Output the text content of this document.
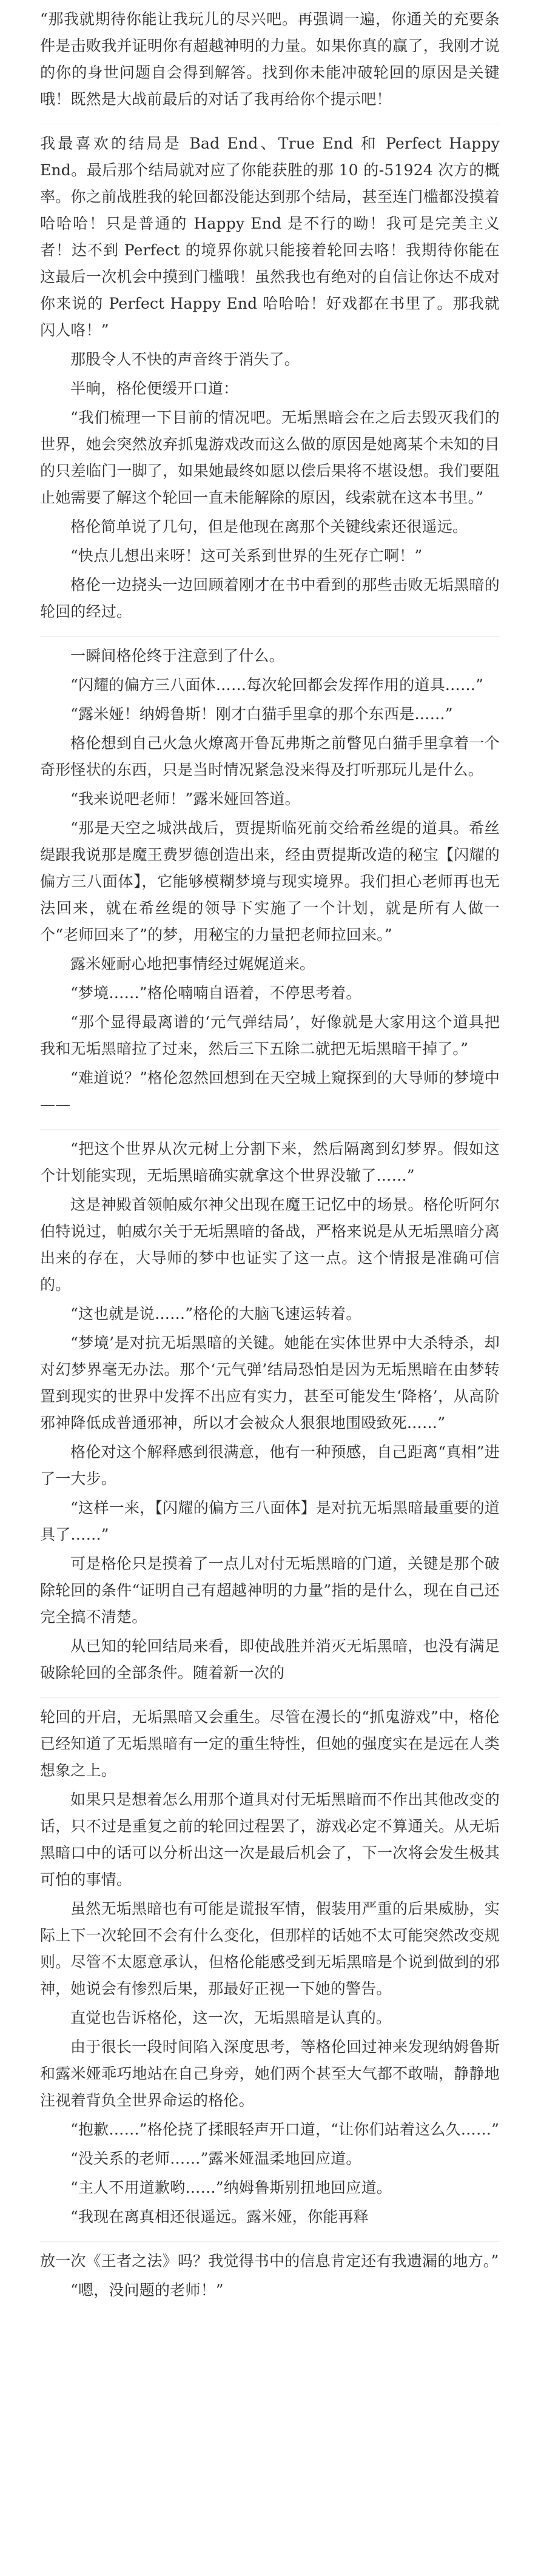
“那我就期待你能让我玩儿的尽兴吧。再强调一遍，你通关的充要条件是击败我并证明你有超越神明的力量。如果你真的赢了，我刚才说的你的身世问题自会得到解答。找到你未能冲破轮回的原因是关键哦！既然是大战前最后的对话了我再给你个提示吧！

我最喜欢的结局是 Bad End、True End 和 Perfect Happy End。最后那个结局就对应了你能获胜的那 10 的-51924 次方的概率。你之前战胜我的轮回都没能达到那个结局，甚至连门槛都没摸着哈哈哈！只是普通的 Happy End 是不行的呦！我可是完美主义者！达不到 Perfect 的境界你就只能接着轮回去咯！我期待你能在这最后一次机会中摸到门槛哦！虽然我也有绝对的自信让你达不成对你来说的 Perfect Happy End 哈哈哈！好戏都在书里了。那我就闪人咯！”

那股令人不快的声音终于消失了。

半晌，格伦便缓开口道：

“我们梳理一下目前的情况吧。无垢黑暗会在之后去毁灭我们的世界，她会突然放弃抓鬼游戏改而这么做的原因是她离某个未知的目的只差临门一脚了，如果她最终如愿以偿后果将不堪设想。我们要阻止她需要了解这个轮回一直未能解除的原因，线索就在这本书里。”

格伦简单说了几句，但是他现在离那个关键线索还很遥远。

“快点儿想出来呀！这可关系到世界的生死存亡啊！”

格伦一边挠头一边回顾着刚才在书中看到的那些击败无垢黑暗的轮回的经过。

一瞬间格伦终于注意到了什么。

“闪耀的偏方三八面体……每次轮回都会发挥作用的道具……”

“露米娅！纳姆鲁斯！刚才白猫手里拿的那个东西是……”

格伦想到自己火急火燎离开鲁瓦弗斯之前瞥见白猫手里拿着一个奇形怪状的东西，只是当时情况紧急没来得及打听那玩儿是什么。

“我来说吧老师！”露米娅回答道。

“那是天空之城洪战后，贾提斯临死前交给希丝缇的道具。希丝缇跟我说那是魔王费罗德创造出来，经由贾提斯改造的秘宝【闪耀的偏方三八面体】，它能够模糊梦境与现实境界。我们担心老师再也无法回来，就在希丝缇的领导下实施了一个计划，就是所有人做一个“老师回来了”的梦，用秘宝的力量把老师拉回来。”

露米娅耐心地把事情经过娓娓道来。

“梦境……”格伦喃喃自语着，不停思考着。

“那个显得最离谱的‘元气弹结局’，好像就是大家用这个道具把我和无垢黑暗拉了过来，然后三下五除二就把无垢黑暗干掉了。”

“难道说？”格伦忽然回想到在天空城上窥探到的大导师的梦境中——

“把这个世界从次元树上分割下来，然后隔离到幻梦界。假如这个计划能实现，无垢黑暗确实就拿这个世界没辙了……”

这是神殿首领帕威尔神父出现在魔王记忆中的场景。格伦听阿尔伯特说过，帕威尔关于无垢黑暗的备战，严格来说是从无垢黑暗分离出来的存在，大导师的梦中也证实了这一点。这个情报是准确可信的。

“这也就是说……”格伦的大脑飞速运转着。

“梦境’是对抗无垢黑暗的关键。她能在实体世界中大杀特杀，却对幻梦界毫无办法。那个‘元气弹’结局恐怕是因为无垢黑暗在由梦转置到现实的世界中发挥不出应有实力，甚至可能发生‘降格’，从高阶邪神降低成普通邪神，所以才会被众人狠狠地围殴致死……”

格伦对这个解释感到很满意，他有一种预感，自己距离“真相”进了一大步。

“这样一来，【闪耀的偏方三八面体】是对抗无垢黑暗最重要的道具了……”

可是格伦只是摸着了一点儿对付无垢黑暗的门道，关键是那个破除轮回的条件“证明自己有超越神明的力量”指的是什么，现在自己还完全搞不清楚。

从已知的轮回结局来看，即使战胜并消灭无垢黑暗，也没有满足破除轮回的全部条件。随着新一次的

轮回的开启，无垢黑暗又会重生。尽管在漫长的“抓鬼游戏”中，格伦已经知道了无垢黑暗有一定的重生特性，但她的强度实在是远在人类想象之上。

如果只是想着怎么用那个道具对付无垢黑暗而不作出其他改变的话，只不过是重复之前的轮回过程罢了，游戏必定不算通关。从无垢黑暗口中的话可以分析出这一次是最后机会了，下一次将会发生极其可怕的事情。

虽然无垢黑暗也有可能是谎报军情，假装用严重的后果威胁，实际上下一次轮回不会有什么变化，但那样的话她不太可能突然改变规则。尽管不太愿意承认，但格伦能感受到无垢黑暗是个说到做到的邪神，她说会有惨烈后果，那最好正视一下她的警告。

直觉也告诉格伦，这一次，无垢黑暗是认真的。

由于很长一段时间陷入深度思考，等格伦回过神来发现纳姆鲁斯和露米娅乖巧地站在自己身旁，她们两个甚至大气都不敢喘，静静地注视着背负全世界命运的格伦。

“抱歉……”格伦挠了揉眼轻声开口道，“让你们站着这么久……”

“没关系的老师……”露米娅温柔地回应道。

“主人不用道歉哟……”纳姆鲁斯别扭地回应道。

“我现在离真相还很遥远。露米娅，你能再释

放一次《王者之法》吗？我觉得书中的信息肯定还有我遗漏的地方。”

“嗯，没问题的老师！”
